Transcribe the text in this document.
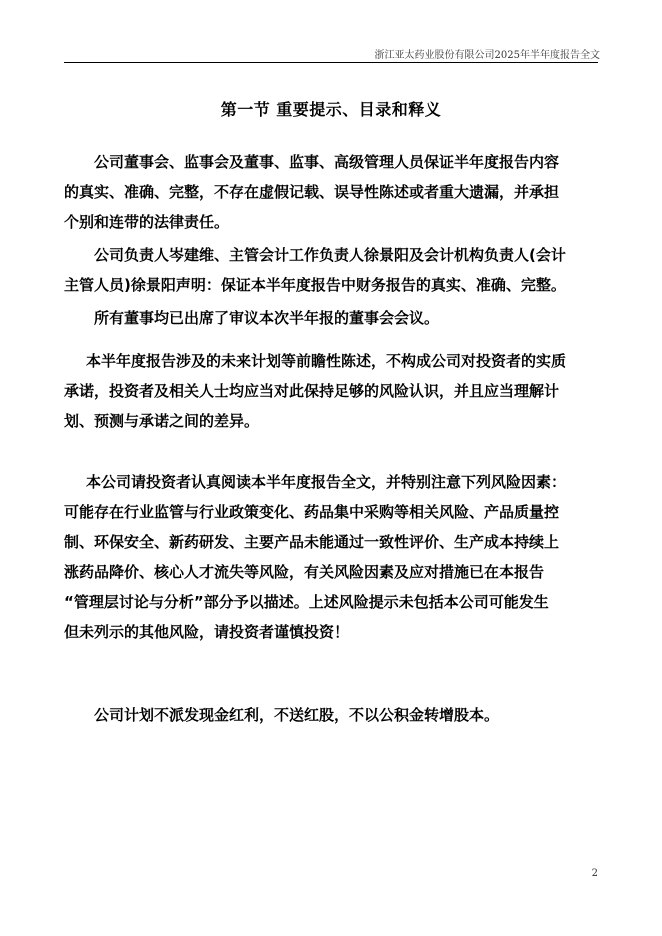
浙江亚太药业股份有限公司2025年半年度报告全文
第一节 重要提示、目录和释义
公司董事会、监事会及董事、监事、高级管理人员保证半年度报告内容
的真实、准确、完整，不存在虚假记载、误导性陈述或者重大遗漏，并承担
个别和连带的法律责任。
公司负责人岑建维、主管会计工作负责人徐景阳及会计机构负责人(会计
主管人员)徐景阳声明：保证本半年度报告中财务报告的真实、准确、完整。
所有董事均已出席了审议本次半年报的董事会会议。
本半年度报告涉及的未来计划等前瞻性陈述，不构成公司对投资者的实质
承诺，投资者及相关人士均应当对此保持足够的风险认识，并且应当理解计
划、预测与承诺之间的差异。
本公司请投资者认真阅读本半年度报告全文，并特别注意下列风险因素：
可能存在行业监管与行业政策变化、药品集中采购等相关风险、产品质量控
制、环保安全、新药研发、主要产品未能通过一致性评价、生产成本持续上
涨药品降价、核心人才流失等风险，有关风险因素及应对措施已在本报告
“管理层讨论与分析”部分予以描述。上述风险提示未包括本公司可能发生
但未列示的其他风险，请投资者谨慎投资！
公司计划不派发现金红利，不送红股，不以公积金转增股本。
2
